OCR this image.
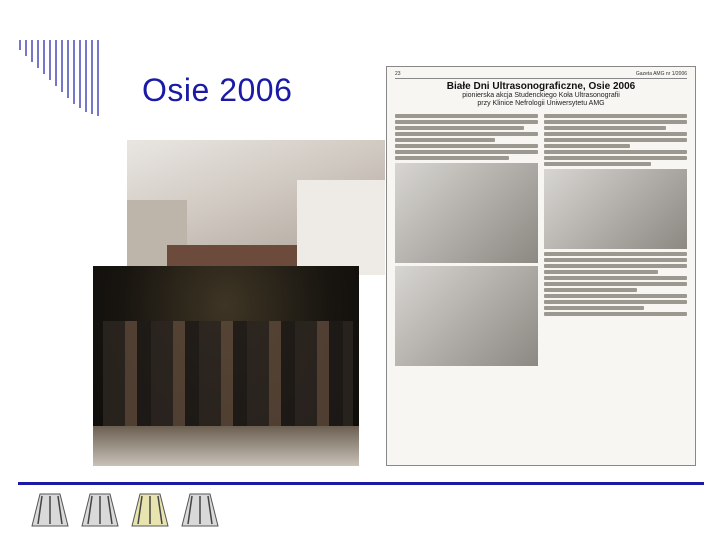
Osie 2006	23	Gazeta AMG nr 1/2006
Białe Dni Ultrasonograficzne, Osie 2006
pionierska akcja Studenckiego Koła Ultrasonografii
przy Klinice Nefrologii Uniwersytetu AMG
